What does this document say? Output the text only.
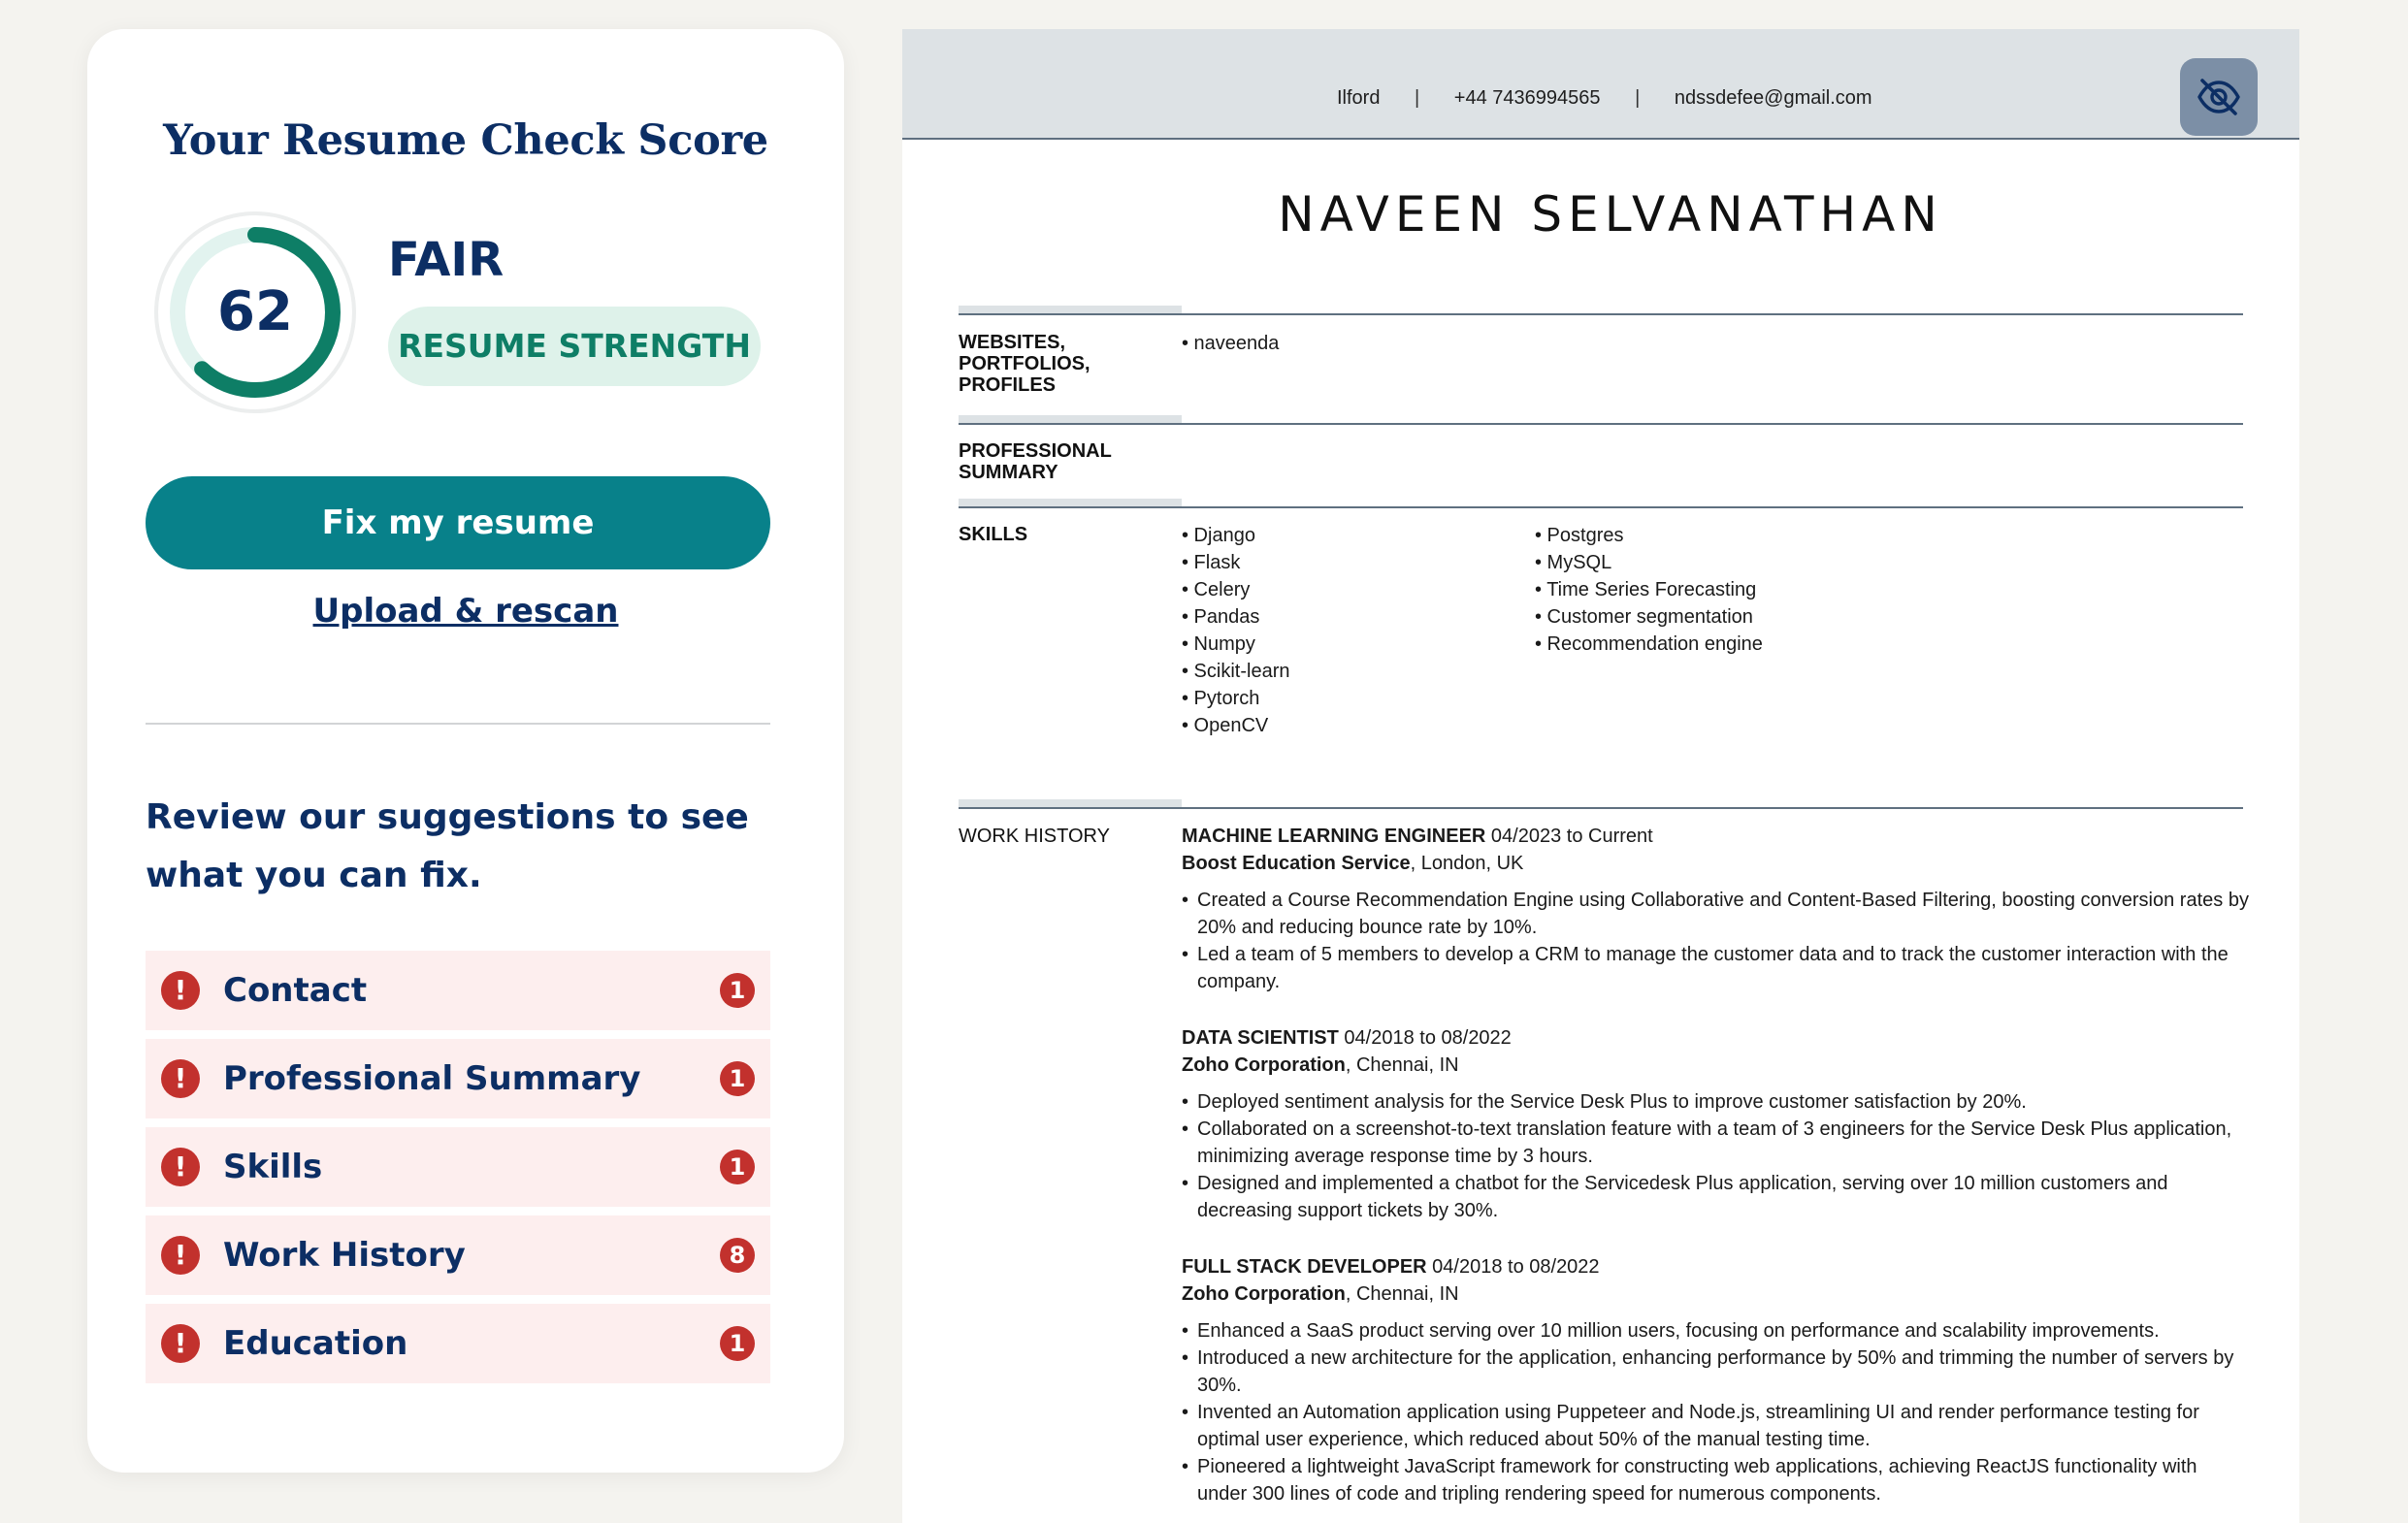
Your Resume Check Score
62
FAIR
RESUME STRENGTH
Fix my resume
Upload & rescan
Review our suggestions to see what you can fix.
!	Contact	1
!	Professional Summary	1
!	Skills	1
!	Work History	8
!	Education	1
Ilford | +44 7436994565 | ndssdefee@gmail.com
NAVEEN SELVANATHAN
WEBSITES, PORTFOLIOS, PROFILES
• naveenda
PROFESSIONAL SUMMARY
SKILLS	• Django
• Flask
• Celery
• Pandas
• Numpy
• Scikit-learn
• Pytorch
• OpenCV
• Postgres
• MySQL
• Time Series Forecasting
• Customer segmentation
• Recommendation engine
WORK HISTORY	MACHINE LEARNING ENGINEER 04/2023 to Current
Boost Education Service, London, UK
• Created a Course Recommendation Engine using Collaborative and Content-Based Filtering, boosting conversion rates by 20% and reducing bounce rate by 10%.
• Led a team of 5 members to develop a CRM to manage the customer data and to track the customer interaction with the company.
DATA SCIENTIST 04/2018 to 08/2022
Zoho Corporation, Chennai, IN
• Deployed sentiment analysis for the Service Desk Plus to improve customer satisfaction by 20%.
• Collaborated on a screenshot-to-text translation feature with a team of 3 engineers for the Service Desk Plus application, minimizing average response time by 3 hours.
• Designed and implemented a chatbot for the Servicedesk Plus application, serving over 10 million customers and decreasing support tickets by 30%.
FULL STACK DEVELOPER 04/2018 to 08/2022
Zoho Corporation, Chennai, IN
• Enhanced a SaaS product serving over 10 million users, focusing on performance and scalability improvements.
• Introduced a new architecture for the application, enhancing performance by 50% and trimming the number of servers by 30%.
• Invented an Automation application using Puppeteer and Node.js, streamlining UI and render performance testing for optimal user experience, which reduced about 50% of the manual testing time.
• Pioneered a lightweight JavaScript framework for constructing web applications, achieving ReactJS functionality with under 300 lines of code and tripling rendering speed for numerous components.
